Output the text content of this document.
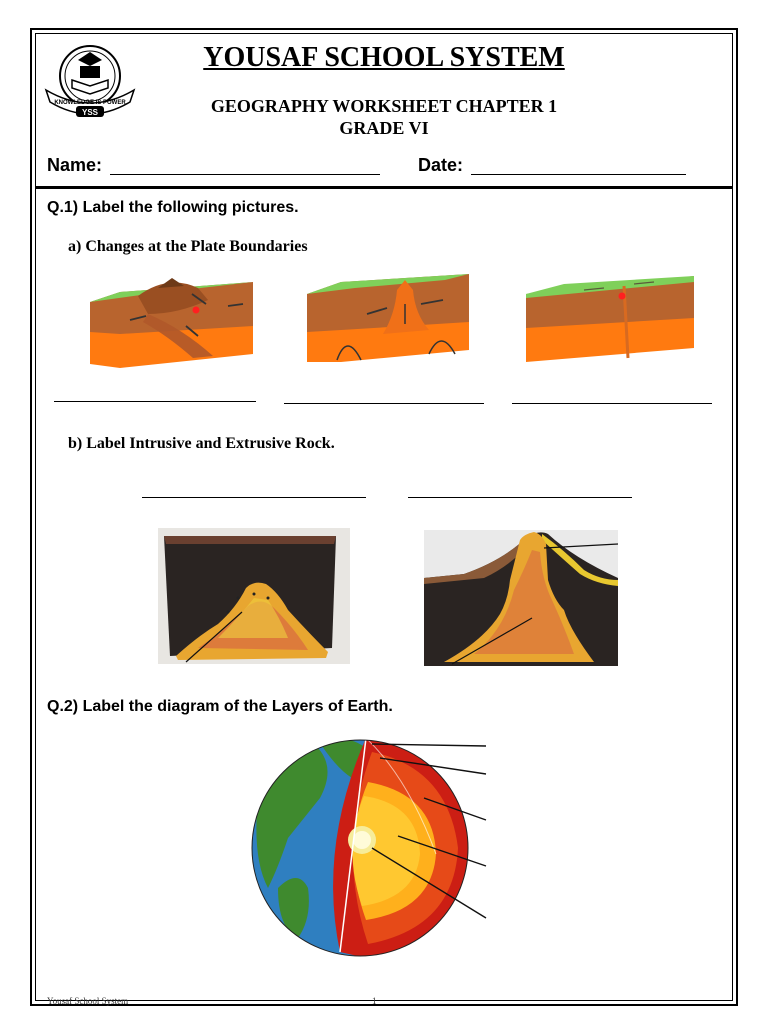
KNOWLEDGE IS POWER
YSS
YOUSAF SCHOOL SYSTEM
GEOGRAPHY WORKSHEET CHAPTER 1
GRADE VI
Name:	Date:
Q.1) Label the following pictures.
a) Changes at the Plate Boundaries
b) Label Intrusive and Extrusive Rock.
Q.2) Label the diagram of the Layers of Earth.
Yousaf School System	1
